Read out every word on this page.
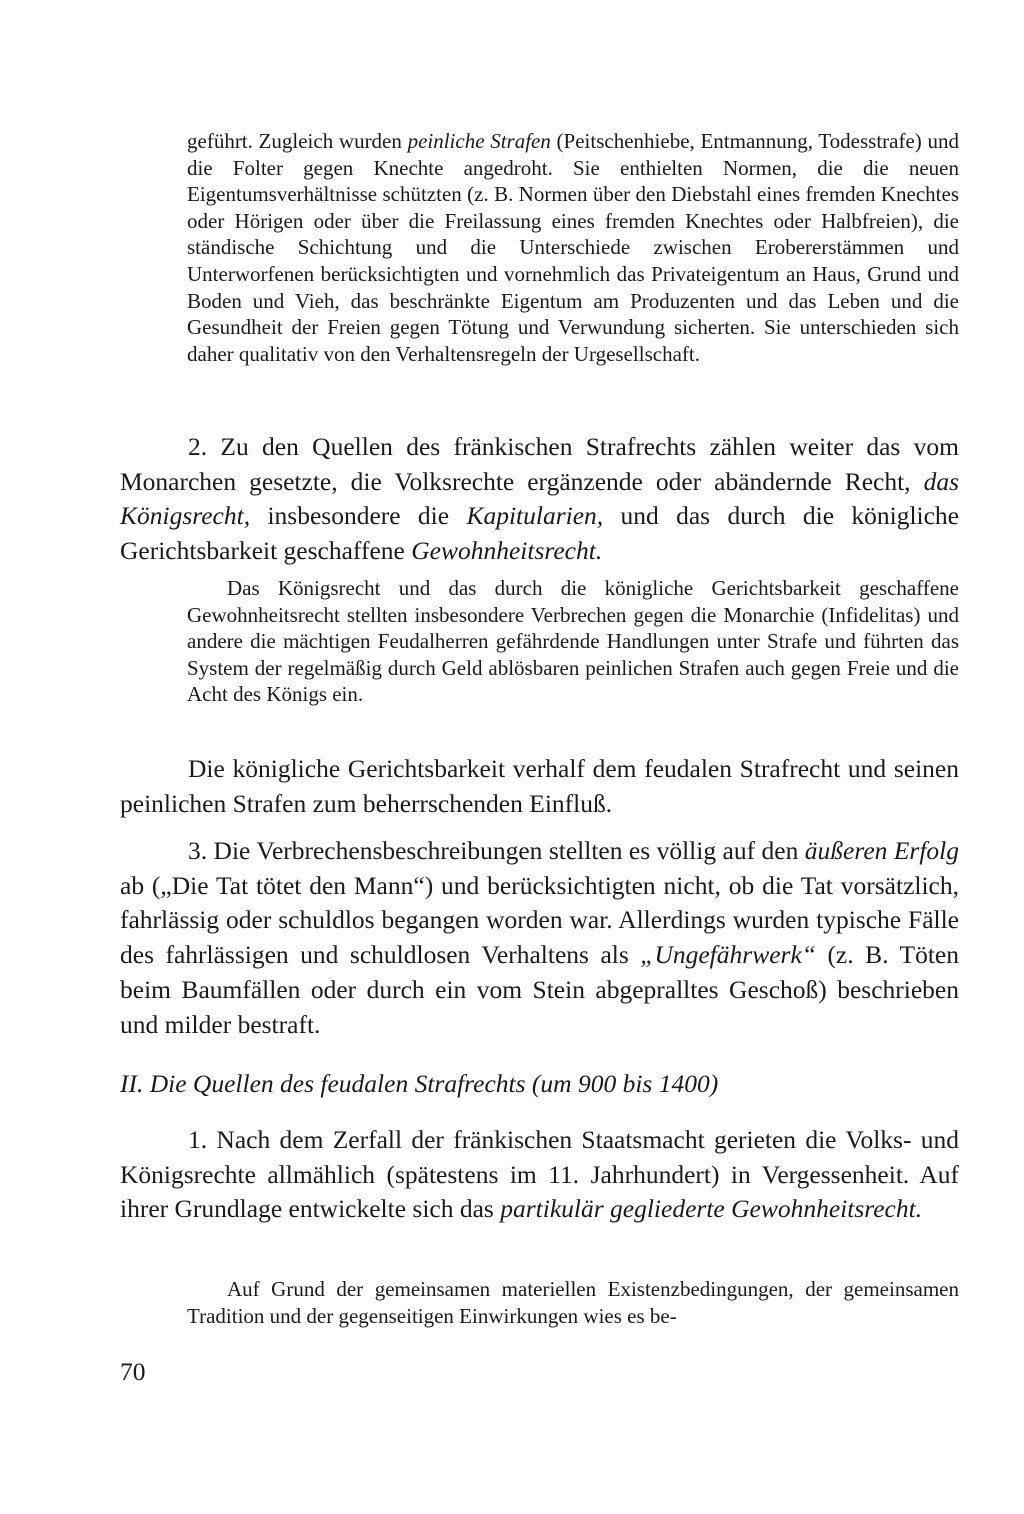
geführt. Zugleich wurden peinliche Strafen (Peitschenhiebe, Entmannung, Todesstrafe) und die Folter gegen Knechte angedroht. Sie enthielten Normen, die die neuen Eigentumsverhältnisse schützten (z. B. Normen über den Diebstahl eines fremden Knechtes oder Hörigen oder über die Freilassung eines fremden Knechtes oder Halbfreien), die ständische Schichtung und die Unterschiede zwischen Erobererstämmen und Unterworfenen berücksichtigten und vornehmlich das Privateigentum an Haus, Grund und Boden und Vieh, das beschränkte Eigentum am Produzenten und das Leben und die Gesundheit der Freien gegen Tötung und Verwundung sicherten. Sie unterschieden sich daher qualitativ von den Verhaltensregeln der Urgesellschaft.

2. Zu den Quellen des fränkischen Strafrechts zählen weiter das vom Monarchen gesetzte, die Volksrechte ergänzende oder abändernde Recht, das Königsrecht, insbesondere die Kapitularien, und das durch die königliche Gerichtsbarkeit geschaffene Gewohnheitsrecht.

Das Königsrecht und das durch die königliche Gerichtsbarkeit geschaffene Gewohnheitsrecht stellten insbesondere Verbrechen gegen die Monarchie (Infidelitas) und andere die mächtigen Feudalherren gefährdende Handlungen unter Strafe und führten das System der regelmäßig durch Geld ablösbaren peinlichen Strafen auch gegen Freie und die Acht des Königs ein.

Die königliche Gerichtsbarkeit verhalf dem feudalen Strafrecht und seinen peinlichen Strafen zum beherrschenden Einfluß.

3. Die Verbrechensbeschreibungen stellten es völlig auf den äußeren Erfolg ab („Die Tat tötet den Mann“) und berücksichtigten nicht, ob die Tat vorsätzlich, fahrlässig oder schuldlos begangen worden war. Allerdings wurden typische Fälle des fahrlässigen und schuldlosen Verhaltens als „Ungefährwerk“ (z. B. Töten beim Baumfällen oder durch ein vom Stein abgepralltes Geschoß) beschrieben und milder bestraft.

II. Die Quellen des feudalen Strafrechts (um 900 bis 1400)

1. Nach dem Zerfall der fränkischen Staatsmacht gerieten die Volks- und Königsrechte allmählich (spätestens im 11. Jahrhundert) in Vergessenheit. Auf ihrer Grundlage entwickelte sich das partikulär gegliederte Gewohnheitsrecht.

Auf Grund der gemeinsamen materiellen Existenzbedingungen, der gemeinsamen Tradition und der gegenseitigen Einwirkungen wies es be-

70
